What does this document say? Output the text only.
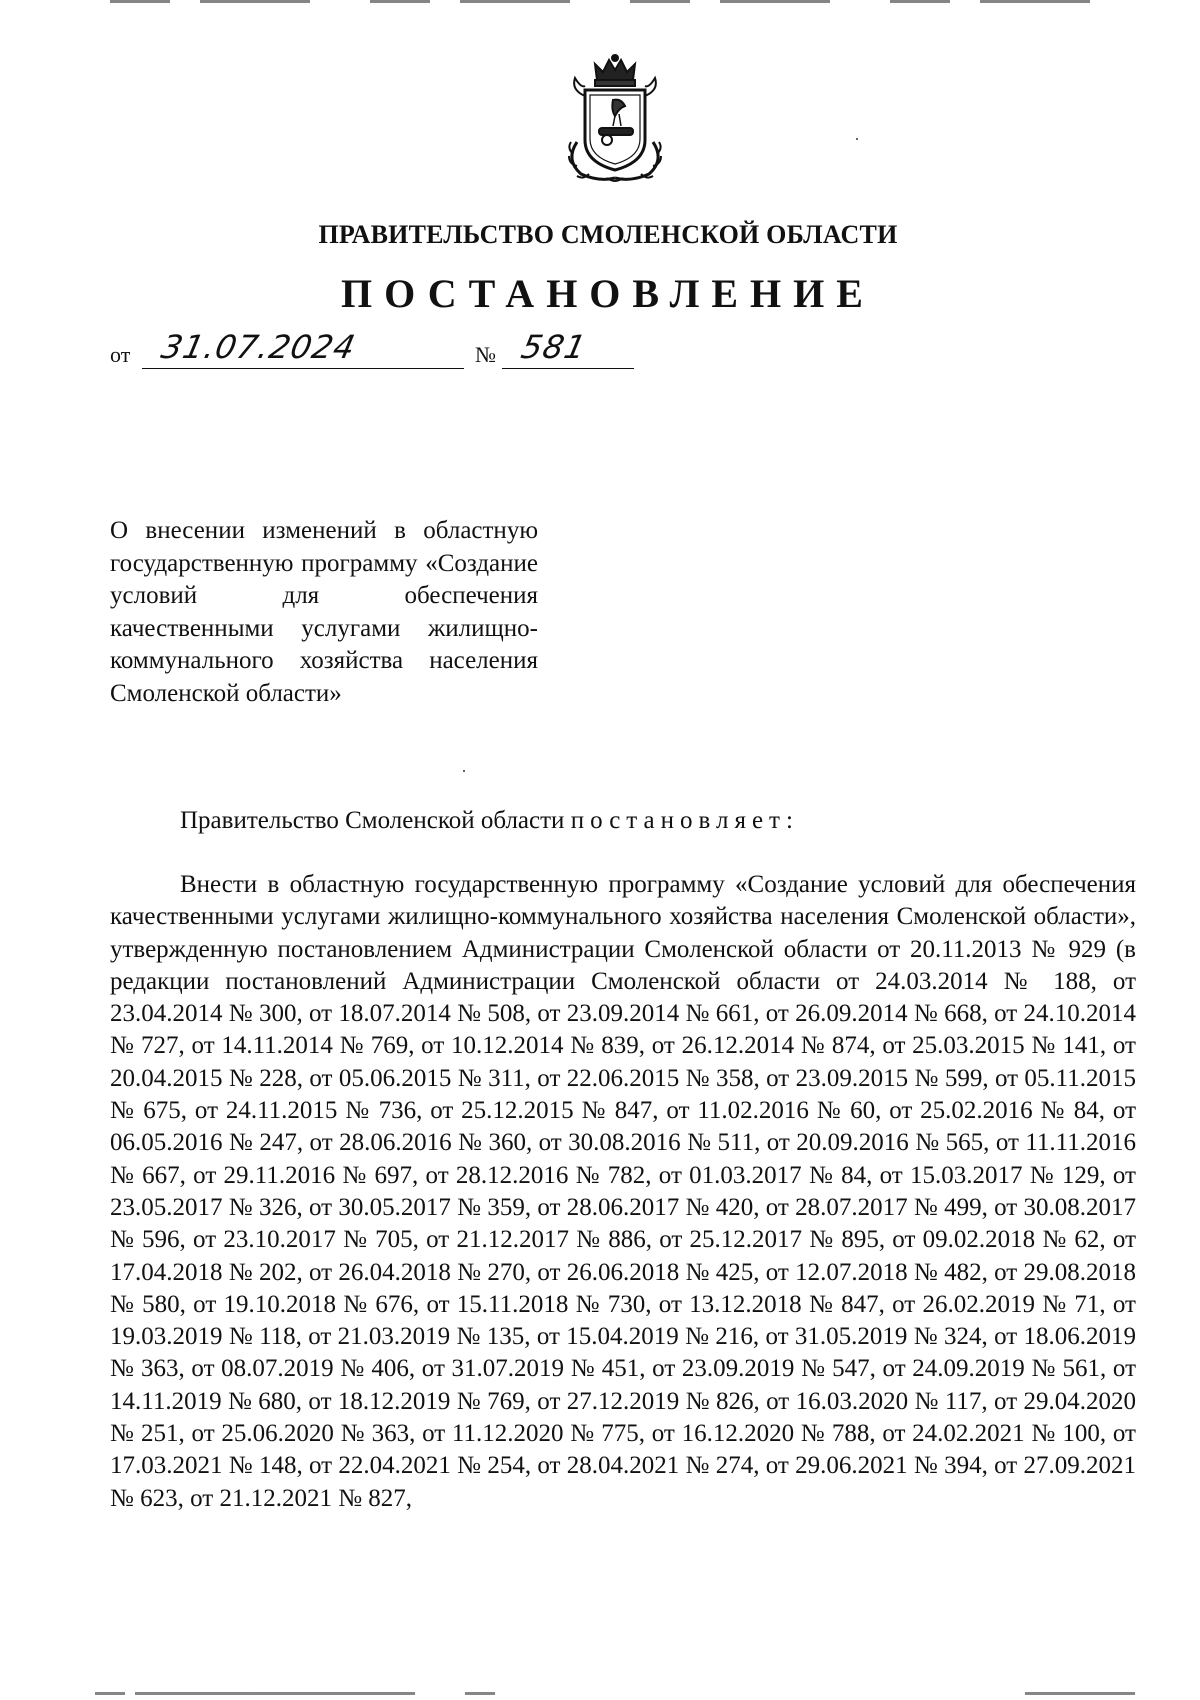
ПРАВИТЕЛЬСТВО СМОЛЕНСКОЙ ОБЛАСТИ
ПОСТАНОВЛЕНИЕ
от 31.07.2024	№ 581
О внесении изменений в областную государственную программу «Создание условий для обеспечения качественными услугами жилищно-коммунального хозяйства населения Смоленской области»
Правительство Смоленской области постановляет:

Внести в областную государственную программу «Создание условий для обеспечения качественными услугами жилищно-коммунального хозяйства населения Смоленской области», утвержденную постановлением Администрации Смоленской области от 20.11.2013 № 929 (в редакции постановлений Администрации Смоленской области от 24.03.2014 № 188, от 23.04.2014 № 300, от 18.07.2014 № 508, от 23.09.2014 № 661, от 26.09.2014 № 668, от 24.10.2014 № 727, от 14.11.2014 № 769, от 10.12.2014 № 839, от 26.12.2014 № 874, от 25.03.2015 № 141, от 20.04.2015 № 228, от 05.06.2015 № 311, от 22.06.2015 № 358, от 23.09.2015 № 599, от 05.11.2015 № 675, от 24.11.2015 № 736, от 25.12.2015 № 847, от 11.02.2016 № 60, от 25.02.2016 № 84, от 06.05.2016 № 247, от 28.06.2016 № 360, от 30.08.2016 № 511, от 20.09.2016 № 565, от 11.11.2016 № 667, от 29.11.2016 № 697, от 28.12.2016 № 782, от 01.03.2017 № 84, от 15.03.2017 № 129, от 23.05.2017 № 326, от 30.05.2017 № 359, от 28.06.2017 № 420, от 28.07.2017 № 499, от 30.08.2017 № 596, от 23.10.2017 № 705, от 21.12.2017 № 886, от 25.12.2017 № 895, от 09.02.2018 № 62, от 17.04.2018 № 202, от 26.04.2018 № 270, от 26.06.2018 № 425, от 12.07.2018 № 482, от 29.08.2018 № 580, от 19.10.2018 № 676, от 15.11.2018 № 730, от 13.12.2018 № 847, от 26.02.2019 № 71, от 19.03.2019 № 118, от 21.03.2019 № 135, от 15.04.2019 № 216, от 31.05.2019 № 324, от 18.06.2019 № 363, от 08.07.2019 № 406, от 31.07.2019 № 451, от 23.09.2019 № 547, от 24.09.2019 № 561, от 14.11.2019 № 680, от 18.12.2019 № 769, от 27.12.2019 № 826, от 16.03.2020 № 117, от 29.04.2020 № 251, от 25.06.2020 № 363, от 11.12.2020 № 775, от 16.12.2020 № 788, от 24.02.2021 № 100, от 17.03.2021 № 148, от 22.04.2021 № 254, от 28.04.2021 № 274, от 29.06.2021 № 394, от 27.09.2021 № 623, от 21.12.2021 № 827,
